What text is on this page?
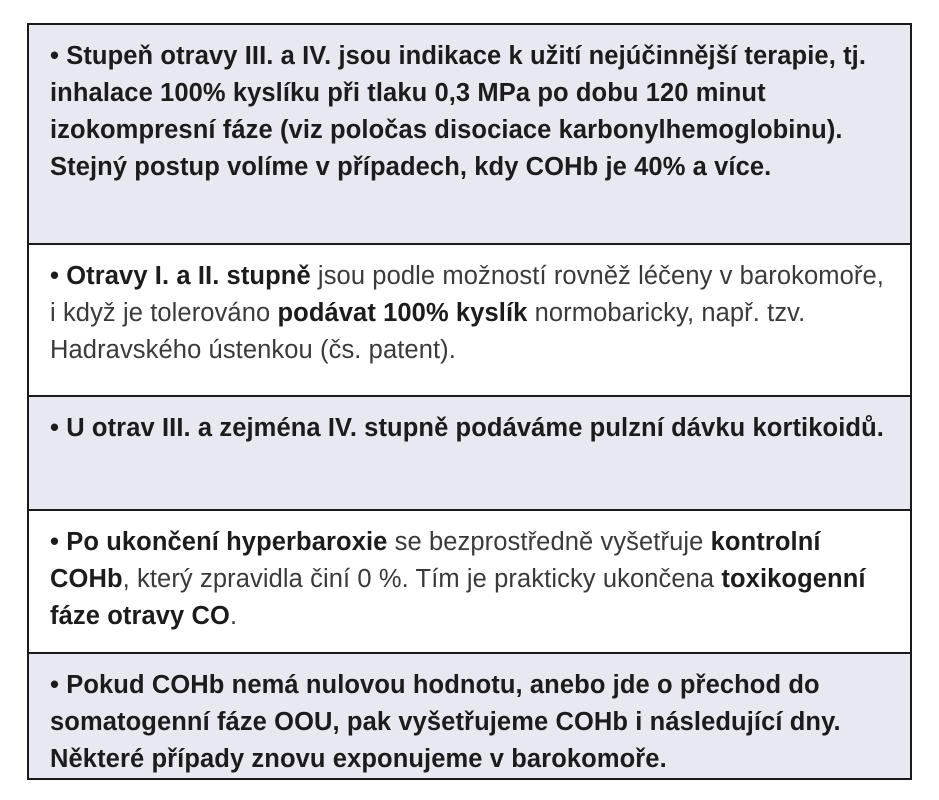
• Stupeň otravy III. a IV. jsou indikace k užití nejúčinnější terapie, tj. inhalace 100% kyslíku při tlaku 0,3 MPa po dobu 120 minut izokompresní fáze (viz poločas disociace karbonylhemoglobinu). Stejný postup volíme v případech, kdy COHb je 40% a více.

• Otravy I. a II. stupně jsou podle možností rovněž léčeny v barokomoře, i když je tolerováno podávat 100% kyslík normobaricky, např. tzv. Hadravského ústenkou (čs. patent).

• U otrav III. a zejména IV. stupně podáváme pulzní dávku kortikoidů.

• Po ukončení hyperbaroxie se bezprostředně vyšetřuje kontrolní COHb, který zpravidla činí 0 %. Tím je prakticky ukončena toxikogenní fáze otravy CO.

• Pokud COHb nemá nulovou hodnotu, anebo jde o přechod do somatogenní fáze OOU, pak vyšetřujeme COHb i následující dny. Některé případy znovu exponujeme v barokomoře.
